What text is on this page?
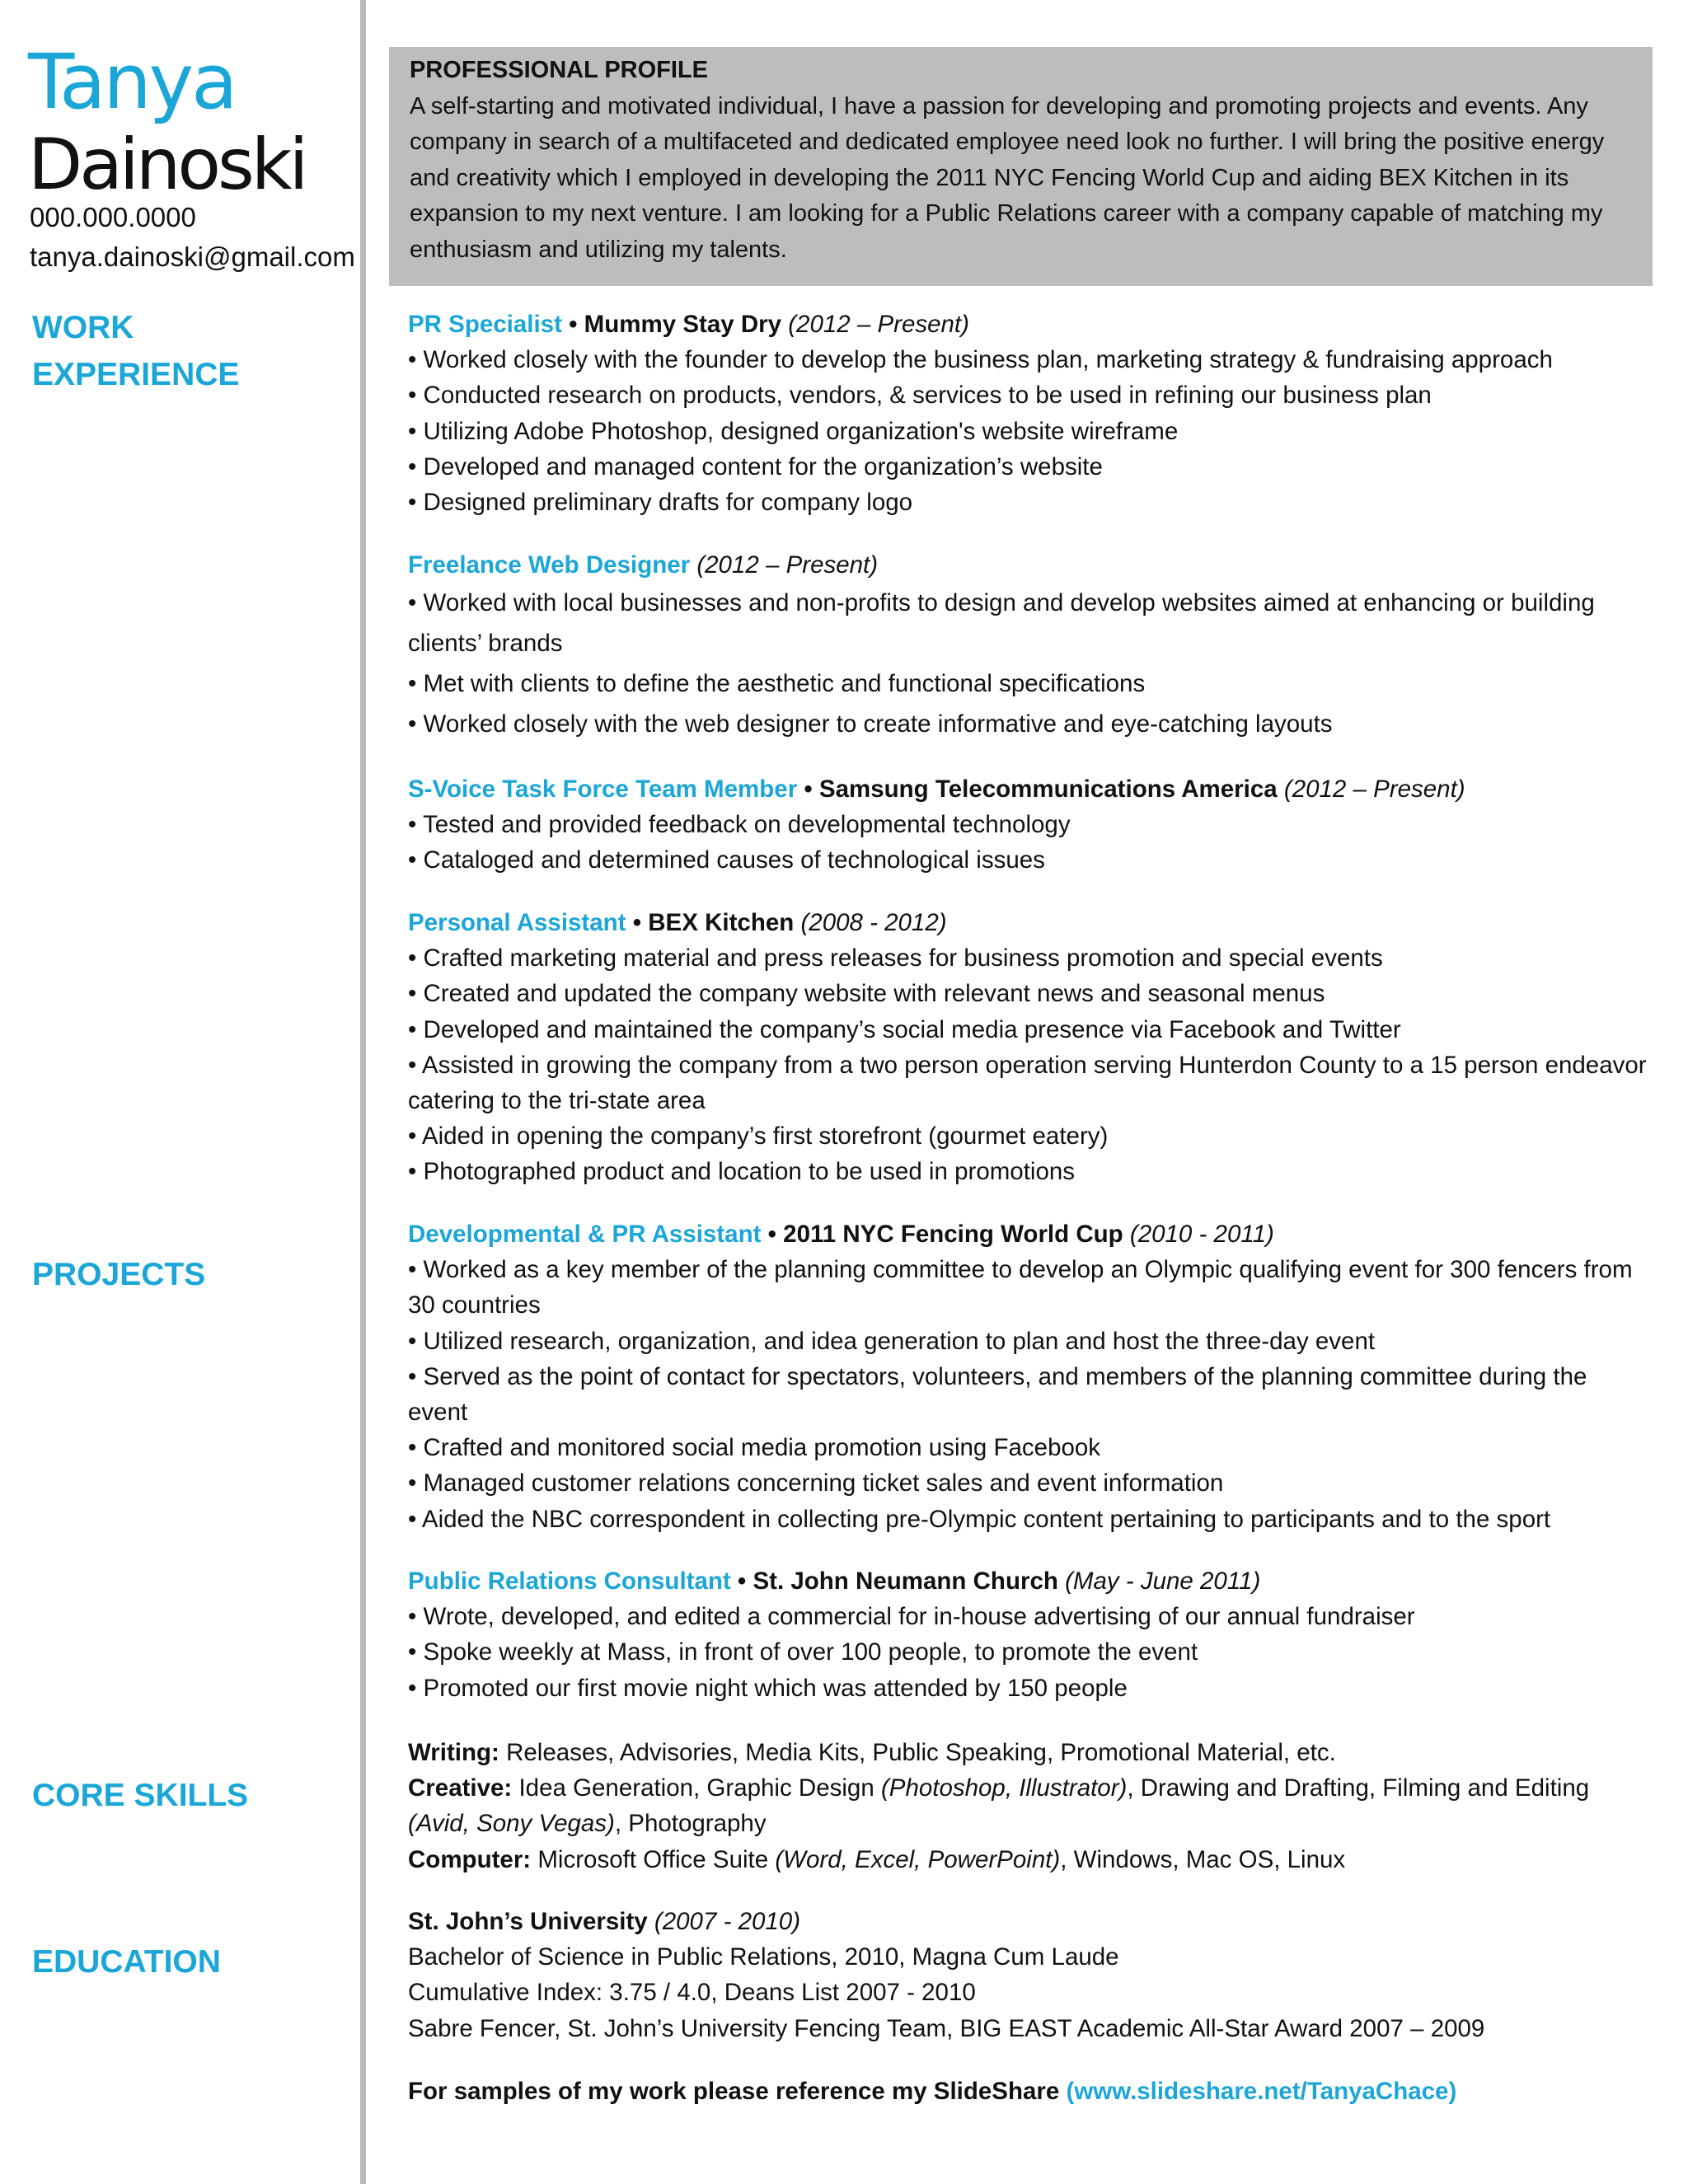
Tanya
Dainoski
000.000.0000
tanya.dainoski@gmail.com
WORK
EXPERIENCE
PROJECTS
CORE SKILLS
EDUCATION
PROFESSIONAL PROFILE
A self-starting and motivated individual, I have a passion for developing and promoting projects and events. Any company in search of a multifaceted and dedicated employee need look no further. I will bring the positive energy and creativity which I employed in developing the 2011 NYC Fencing World Cup and aiding BEX Kitchen in its expansion to my next venture. I am looking for a Public Relations career with a company capable of matching my enthusiasm and utilizing my talents.
PR Specialist • Mummy Stay Dry (2012 – Present)
• Worked closely with the founder to develop the business plan, marketing strategy & fundraising approach
• Conducted research on products, vendors, & services to be used in refining our business plan
• Utilizing Adobe Photoshop, designed organization's website wireframe
• Developed and managed content for the organization’s website
• Designed preliminary drafts for company logo
Freelance Web Designer (2012 – Present)
• Worked with local businesses and non-profits to design and develop websites aimed at enhancing or building clients’ brands
• Met with clients to define the aesthetic and functional specifications
• Worked closely with the web designer to create informative and eye-catching layouts
S-Voice Task Force Team Member • Samsung Telecommunications America (2012 – Present)
• Tested and provided feedback on developmental technology
• Cataloged and determined causes of technological issues
Personal Assistant • BEX Kitchen (2008 - 2012)
• Crafted marketing material and press releases for business promotion and special events
• Created and updated the company website with relevant news and seasonal menus
• Developed and maintained the company’s social media presence via Facebook and Twitter
• Assisted in growing the company from a two person operation serving Hunterdon County to a 15 person endeavor catering to the tri-state area
• Aided in opening the company’s first storefront (gourmet eatery)
• Photographed product and location to be used in promotions
Developmental & PR Assistant • 2011 NYC Fencing World Cup (2010 - 2011)
• Worked as a key member of the planning committee to develop an Olympic qualifying event for 300 fencers from 30 countries
• Utilized research, organization, and idea generation to plan and host the three-day event
• Served as the point of contact for spectators, volunteers, and members of the planning committee during the event
• Crafted and monitored social media promotion using Facebook
• Managed customer relations concerning ticket sales and event information
• Aided the NBC correspondent in collecting pre-Olympic content pertaining to participants and to the sport
Public Relations Consultant • St. John Neumann Church (May - June 2011)
• Wrote, developed, and edited a commercial for in-house advertising of our annual fundraiser
• Spoke weekly at Mass, in front of over 100 people, to promote the event
• Promoted our first movie night which was attended by 150 people
Writing: Releases, Advisories, Media Kits, Public Speaking, Promotional Material, etc.
Creative: Idea Generation, Graphic Design (Photoshop, Illustrator), Drawing and Drafting, Filming and Editing (Avid, Sony Vegas), Photography
Computer: Microsoft Office Suite (Word, Excel, PowerPoint), Windows, Mac OS, Linux
St. John’s University (2007 - 2010)
Bachelor of Science in Public Relations, 2010, Magna Cum Laude
Cumulative Index: 3.75 / 4.0, Deans List 2007 - 2010
Sabre Fencer, St. John’s University Fencing Team, BIG EAST Academic All-Star Award 2007 – 2009
For samples of my work please reference my SlideShare (www.slideshare.net/TanyaChace)
